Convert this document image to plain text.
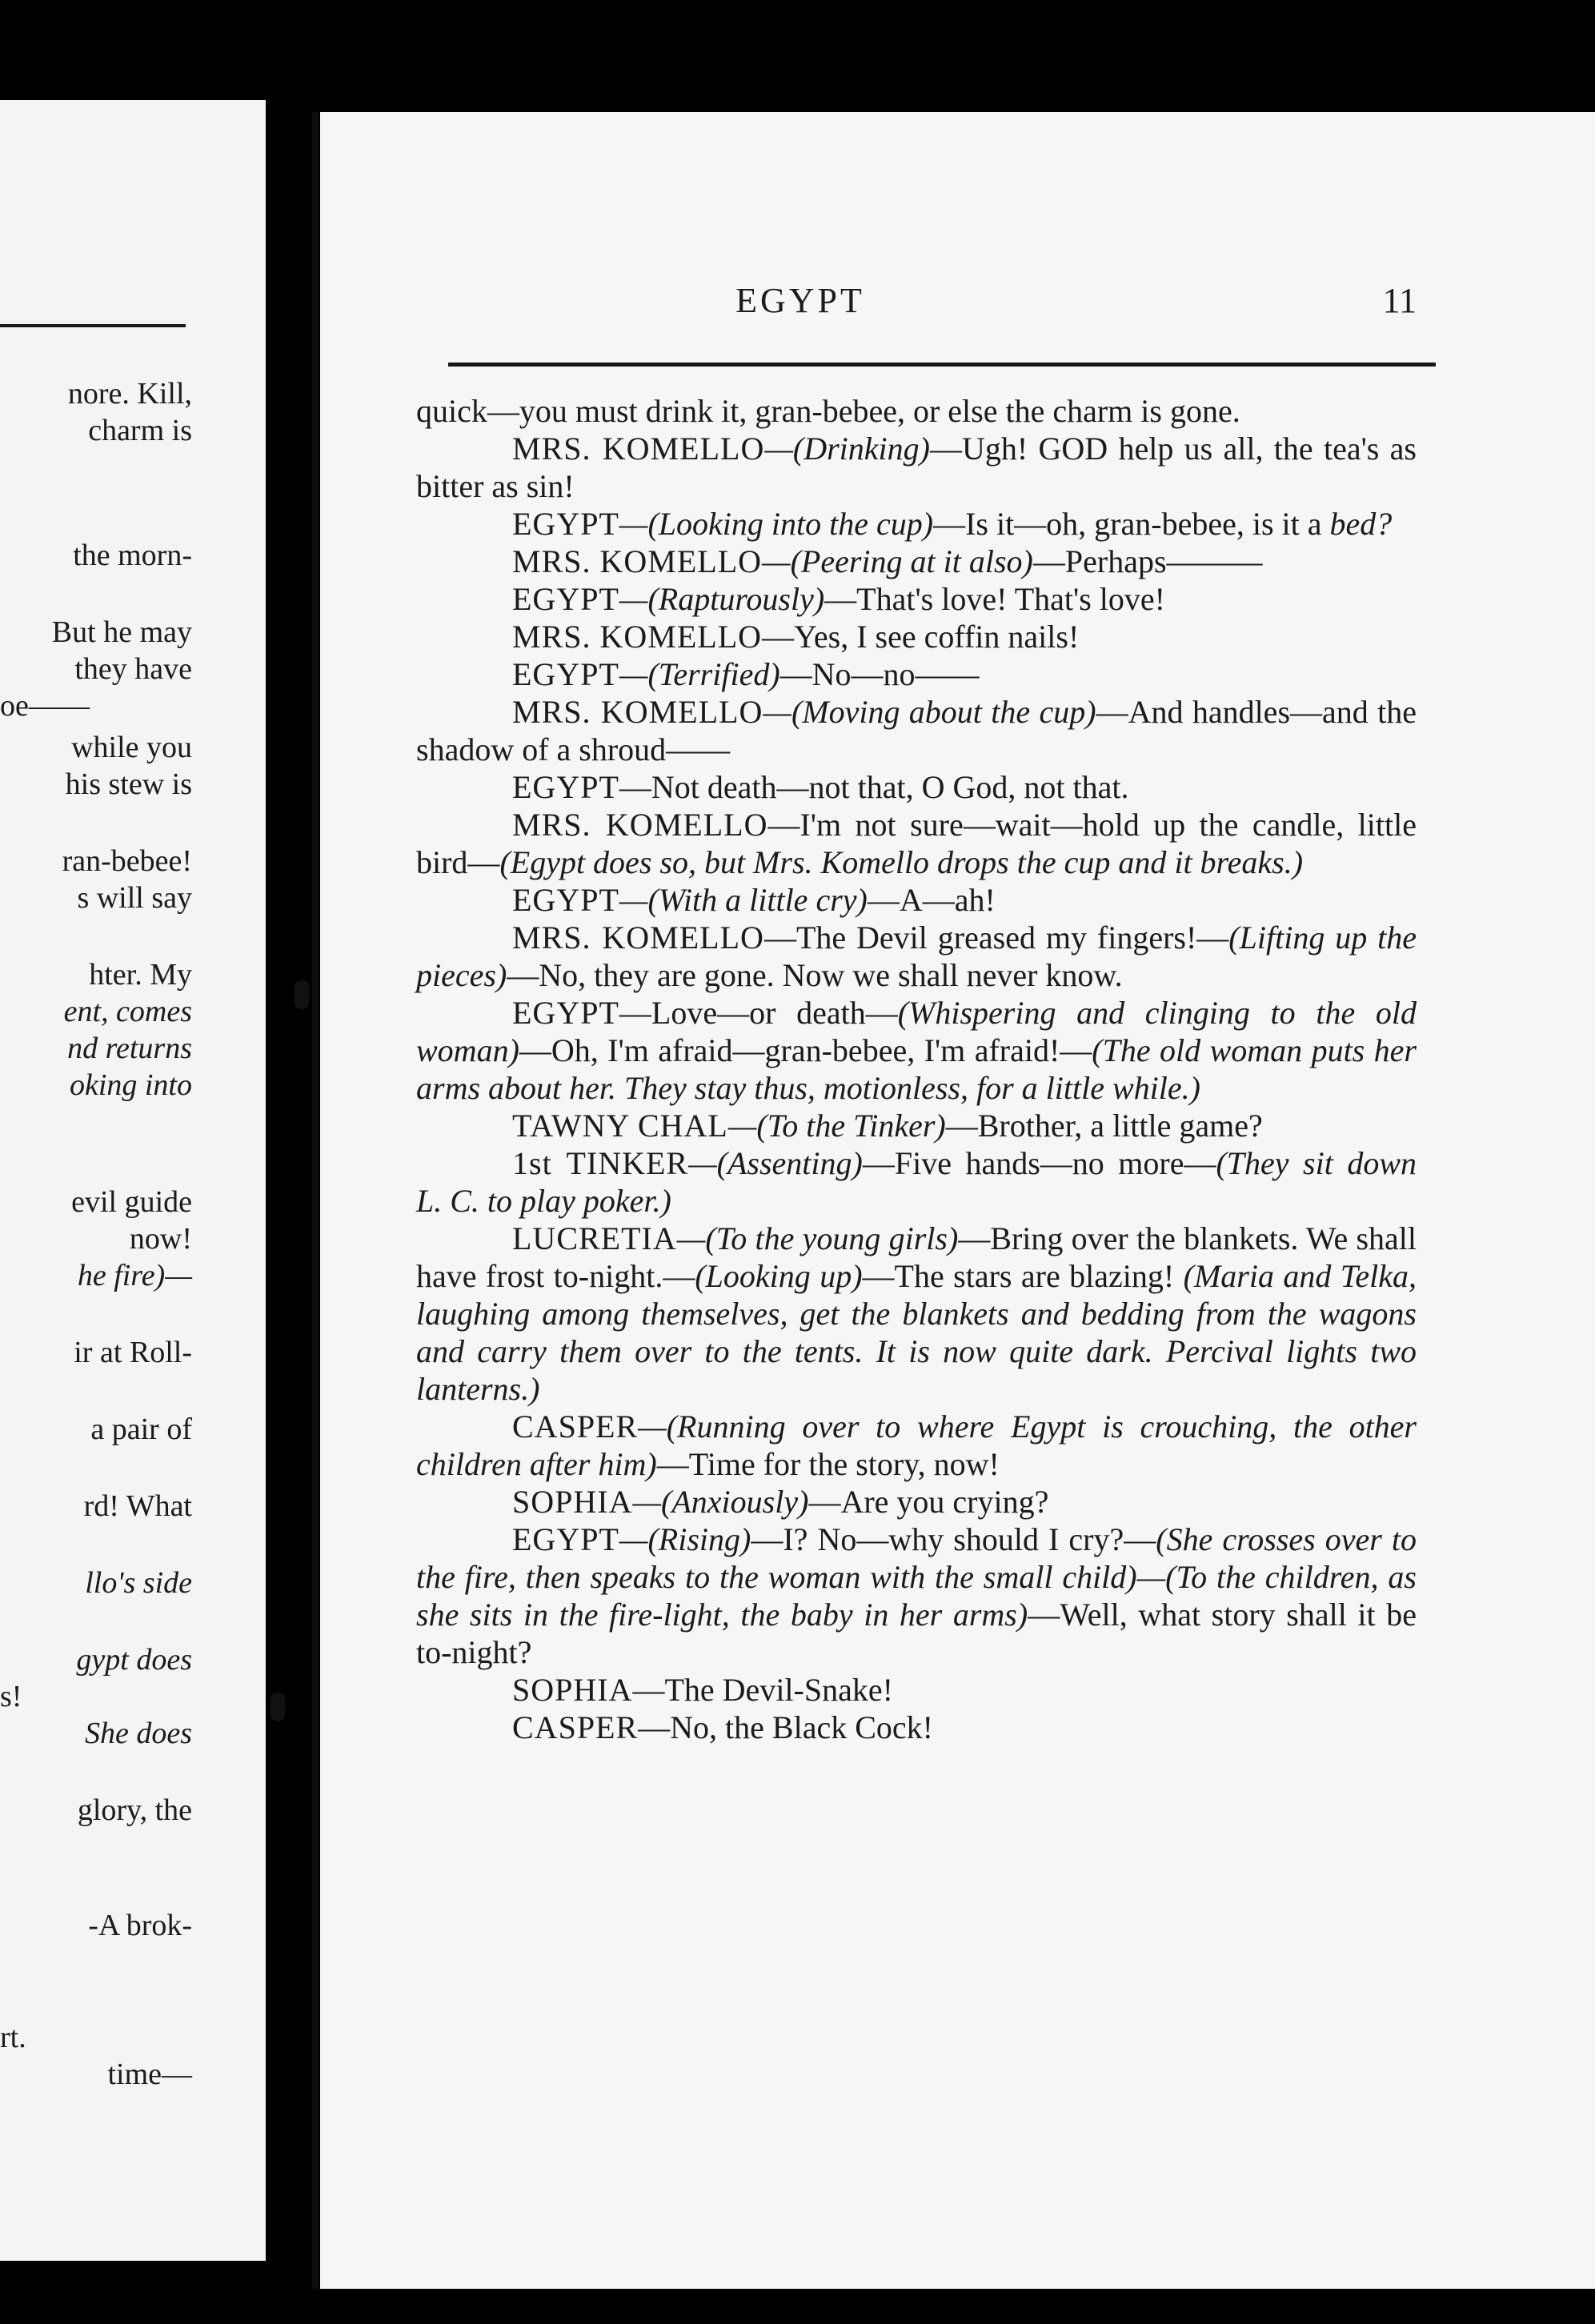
nore. Kill,
charm is
the morn-
But he may
they have
oe——
while you
his stew is
ran-bebee!
s will say
hter. My
ent, comes
nd returns
oking into
evil guide
now!
he fire)—
ir at Roll-
a pair of
rd! What
llo's side
gypt does
s!
She does
glory, the
-A brok-
rt.
time—
EGYPT	11

quick—you must drink it, gran-bebee, or else the charm is gone.

MRS. KOMELLO—(Drinking)—Ugh! GOD help us all, the tea's as bitter as sin!

EGYPT—(Looking into the cup)—Is it—oh, gran-bebee, is it a bed?

MRS. KOMELLO—(Peering at it also)—Perhaps———

EGYPT—(Rapturously)—That's love! That's love!

MRS. KOMELLO—Yes, I see coffin nails!

EGYPT—(Terrified)—No—no——

MRS. KOMELLO—(Moving about the cup)—And handles—and the shadow of a shroud——

EGYPT—Not death—not that, O God, not that.

MRS. KOMELLO—I'm not sure—wait—hold up the candle, little bird—(Egypt does so, but Mrs. Komello drops the cup and it breaks.)

EGYPT—(With a little cry)—A—ah!

MRS. KOMELLO—The Devil greased my fingers!—(Lifting up the pieces)—No, they are gone. Now we shall never know.

EGYPT—Love—or death—(Whispering and clinging to the old woman)—Oh, I'm afraid—gran-bebee, I'm afraid!—(The old woman puts her arms about her. They stay thus, motionless, for a little while.)

TAWNY CHAL—(To the Tinker)—Brother, a little game?

1st TINKER—(Assenting)—Five hands—no more—(They sit down L. C. to play poker.)

LUCRETIA—(To the young girls)—Bring over the blankets. We shall have frost to-night.—(Looking up)—The stars are blazing! (Maria and Telka, laughing among themselves, get the blankets and bedding from the wagons and carry them over to the tents. It is now quite dark. Percival lights two lanterns.)

CASPER—(Running over to where Egypt is crouching, the other children after him)—Time for the story, now!

SOPHIA—(Anxiously)—Are you crying?

EGYPT—(Rising)—I? No—why should I cry?—(She crosses over to the fire, then speaks to the woman with the small child)—(To the children, as she sits in the fire-light, the baby in her arms)—Well, what story shall it be to-night?

SOPHIA—The Devil-Snake!

CASPER—No, the Black Cock!
